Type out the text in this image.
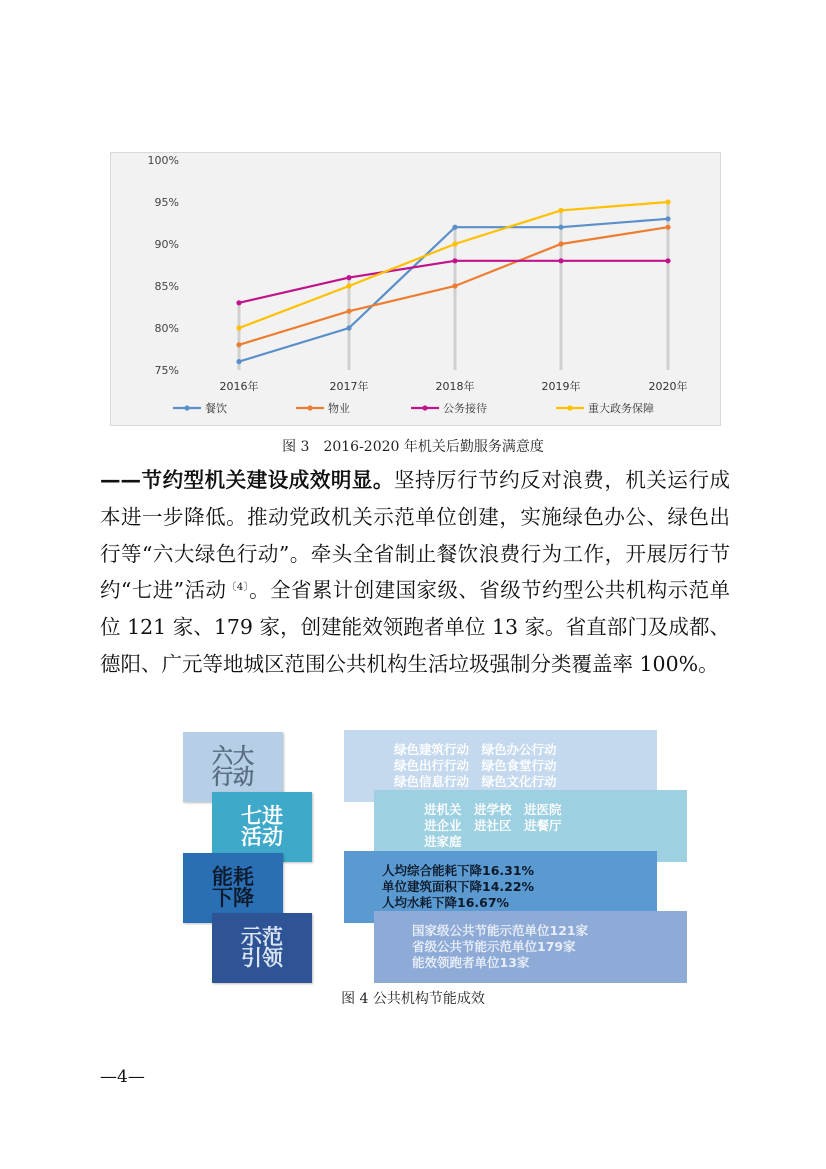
75%
80%
85%
90%
95%
100%
2016年	2017年	2018年	2019年	2020年
餐饮	物业	公务接待	重大政务保障
图 3　2016-2020 年机关后勤服务满意度
——节约型机关建设成效明显。坚持厉行节约反对浪费，机关运行成本进一步降低。推动党政机关示范单位创建，实施绿色办公、绿色出行等“六大绿色行动”。牵头全省制止餐饮浪费行为工作，开展厉行节约“七进”活动$^{〔4〕}$。全省累计创建国家级、省级节约型公共机构示范单位 121 家、179 家，创建能效领跑者单位 13 家。省直部门及成都、德阳、广元等地城区范围公共机构生活垃圾强制分类覆盖率 100%。
绿色建筑行动　绿色办公行动
绿色出行行动　绿色食堂行动
绿色信息行动　绿色文化行动
六大
行动
进机关　进学校　进医院
进企业　进社区　进餐厅
进家庭
七进
活动
人均综合能耗下降16.31%
单位建筑面积下降14.22%
人均水耗下降16.67%
能耗
下降
国家级公共节能示范单位121家
省级公共节能示范单位179家
能效领跑者单位13家
示范
引领
图 4 公共机构节能成效
—4—
